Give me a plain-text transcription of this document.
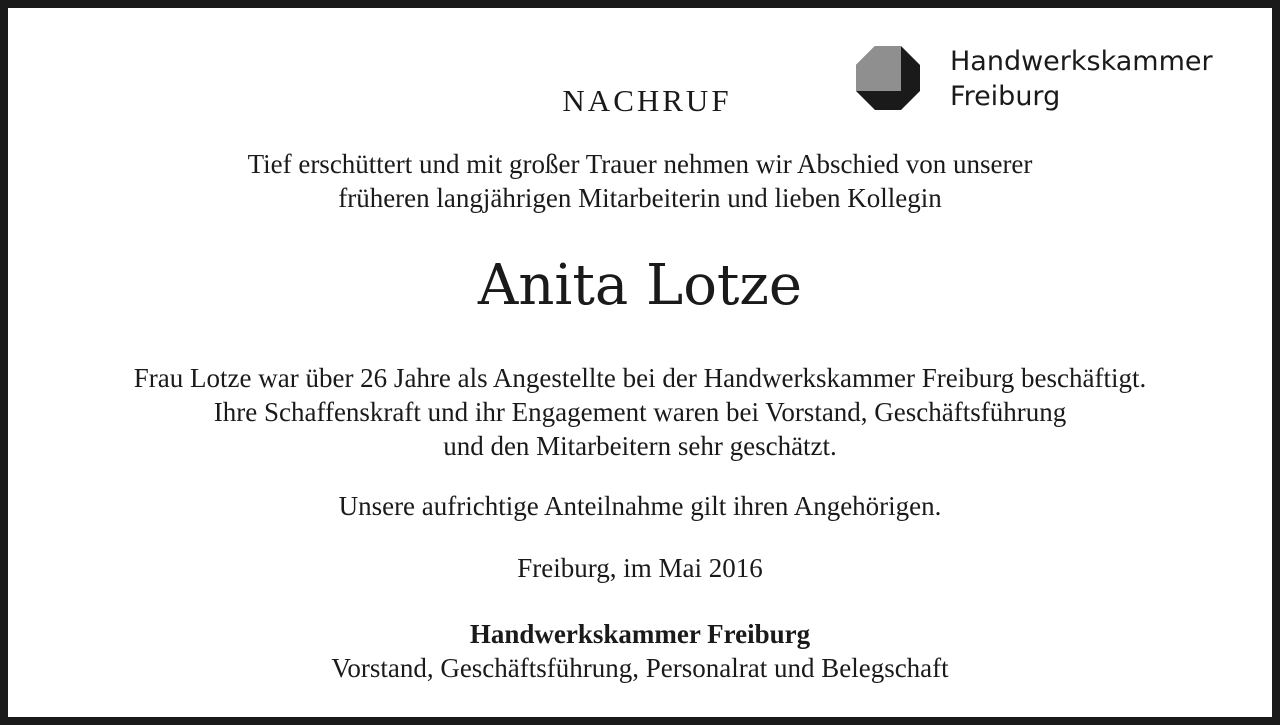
NACHRUF
Handwerkskammer
Freiburg
Tief erschüttert und mit großer Trauer nehmen wir Abschied von unserer
früheren langjährigen Mitarbeiterin und lieben Kollegin
Anita Lotze
Frau Lotze war über 26 Jahre als Angestellte bei der Handwerkskammer Freiburg beschäftigt.
Ihre Schaffenskraft und ihr Engagement waren bei Vorstand, Geschäftsführung
und den Mitarbeitern sehr geschätzt.
Unsere aufrichtige Anteilnahme gilt ihren Angehörigen.
Freiburg, im Mai 2016
Handwerkskammer Freiburg
Vorstand, Geschäftsführung, Personalrat und Belegschaft
